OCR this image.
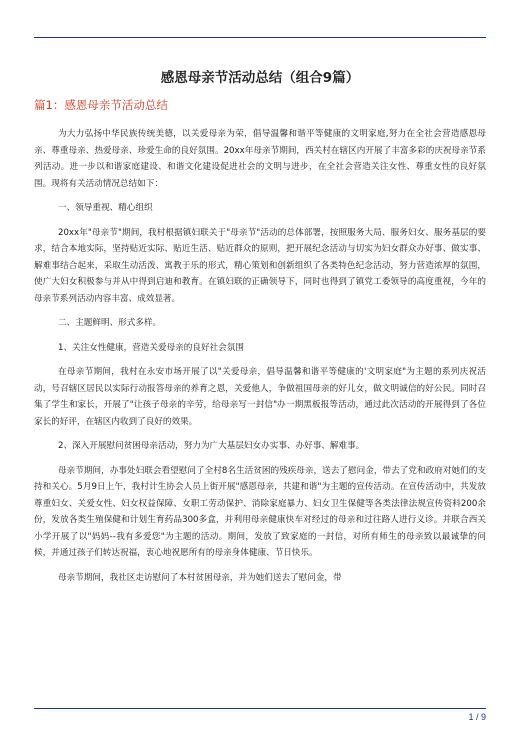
感恩母亲节活动总结（组合9篇）
篇1：感恩母亲节活动总结

为大力弘扬中华民族传统美德，以关爱母亲为荣，倡导温馨和谐平等健康的文明家庭,努力在全社会营造感恩母亲、尊重母亲、热爱母亲、珍爱生命的良好氛围。20xx年母亲节期间，西关村在辖区内开展了丰富多彩的庆祝母亲节系列活动。进一步以和谐家庭建设、和谐文化建设促进社会的文明与进步，在全社会营造关注女性、尊重女性的良好氛围。现将有关活动情况总结如下：

一、领导重视、精心组织

20xx年"母亲节"期间，我村根据镇妇联关于"母亲节"活动的总体部署，按照服务大局、服务妇女、服务基层的要求，结合本地实际，坚持贴近实际、贴近生活、贴近群众的原则，把开展纪念活动与切实为妇女群众办好事、做实事、解难事结合起来，采取生动活泼、寓教于乐的形式，精心策划和创新组织了各类特色纪念活动，努力营造浓厚的氛围，使广大妇女积极参与并从中得到启迪和教育。在镇妇联的正确领导下，同时也得到了镇党工委领导的高度重视，今年的母亲节系列活动内容丰富、成效显著。

二、主题鲜明、形式多样。

1、关注女性健康，营造关爱母亲的良好社会氛围

在母亲节期间，我村在永安市场开展了以"关爱母亲，倡导温馨和谐平等健康的'文明家庭"为主题的系列庆祝活动，号召辖区居民以实际行动报答母亲的养育之恩，关爱他人，争做祖国母亲的好儿女，做文明诚信的好公民。同时召集了学生和家长，开展了"让孩子母亲的辛劳，给母亲写一封信"办一期黑板报等活动，通过此次活动的开展得到了各位家长的好评，在辖区内收到了良好的效果。

2、深入开展慰问贫困母亲活动，努力为广大基层妇女办实事、办好事、解难事。

母亲节期间，办事处妇联会看望慰问了全村8名生活贫困的残疾母亲，送去了慰问金，带去了党和政府对她们的支持和关心。5月9日上午，我村计生协会人员上街开展"感恩母亲，共建和谐"为主题的宣传活动。在宣传活动中，共发放尊重妇女、关爱女性、妇女权益保障、女职工劳动保护、消除家庭暴力、妇女卫生保健等各类法律法规宣传资料200余份，发放各类生殖保健和计划生育药品300多盒，并利用母亲健康快车对经过的母亲和过往路人进行义诊。并联合西关小学开展了以"妈妈--我有多爱您"为主题的活动。期间，发放了致家庭的一封信，对所有师生的母亲致以最诚挚的问候，并通过孩子们转达祝福，衷心地祝愿所有的母亲身体健康、节日快乐。

母亲节期间，我社区走访慰问了本村贫困母亲，并为她们送去了慰问金，带

1 / 9
